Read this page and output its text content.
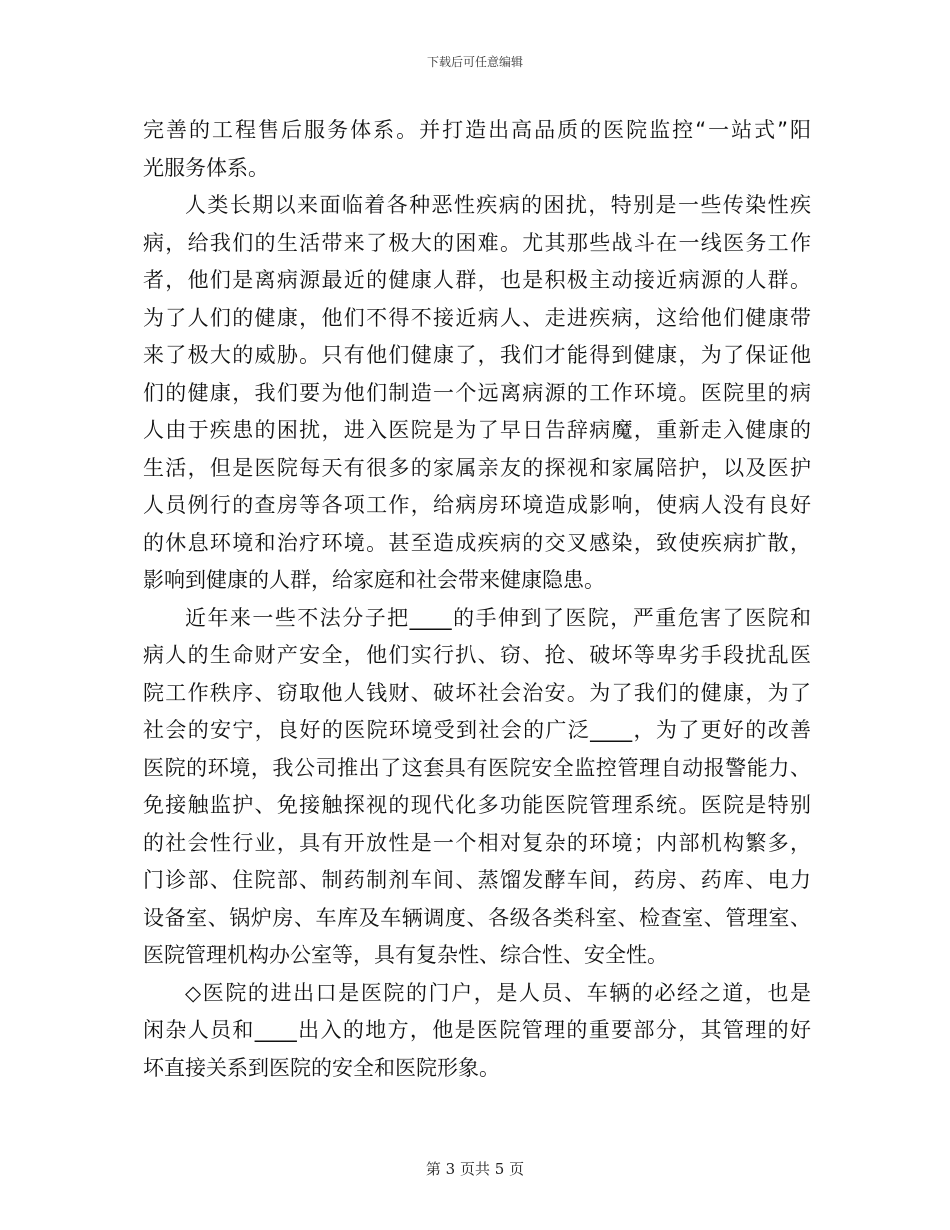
下载后可任意编辑
完善的工程售后服务体系。并打造出高品质的医院监控“一站式”阳
光服务体系。
人类长期以来面临着各种恶性疾病的困扰，特别是一些传染性疾
病，给我们的生活带来了极大的困难。尤其那些战斗在一线医务工作
者，他们是离病源最近的健康人群，也是积极主动接近病源的人群。
为了人们的健康，他们不得不接近病人、走进疾病，这给他们健康带
来了极大的威胁。只有他们健康了，我们才能得到健康，为了保证他
们的健康，我们要为他们制造一个远离病源的工作环境。医院里的病
人由于疾患的困扰，进入医院是为了早日告辞病魔，重新走入健康的
生活，但是医院每天有很多的家属亲友的探视和家属陪护，以及医护
人员例行的查房等各项工作，给病房环境造成影响，使病人没有良好
的休息环境和治疗环境。甚至造成疾病的交叉感染，致使疾病扩散，
影响到健康的人群，给家庭和社会带来健康隐患。
近年来一些不法分子把____的手伸到了医院，严重危害了医院和
病人的生命财产安全，他们实行扒、窃、抢、破坏等卑劣手段扰乱医
院工作秩序、窃取他人钱财、破坏社会治安。为了我们的健康，为了
社会的安宁，良好的医院环境受到社会的广泛____，为了更好的改善
医院的环境，我公司推出了这套具有医院安全监控管理自动报警能力、
免接触监护、免接触探视的现代化多功能医院管理系统。医院是特别
的社会性行业，具有开放性是一个相对复杂的环境；内部机构繁多，
门诊部、住院部、制药制剂车间、蒸馏发酵车间，药房、药库、电力
设备室、锅炉房、车库及车辆调度、各级各类科室、检查室、管理室、
医院管理机构办公室等，具有复杂性、综合性、安全性。
◇医院的进出口是医院的门户，是人员、车辆的必经之道，也是
闲杂人员和____出入的地方，他是医院管理的重要部分，其管理的好
坏直接关系到医院的安全和医院形象。
第 3 页共 5 页
